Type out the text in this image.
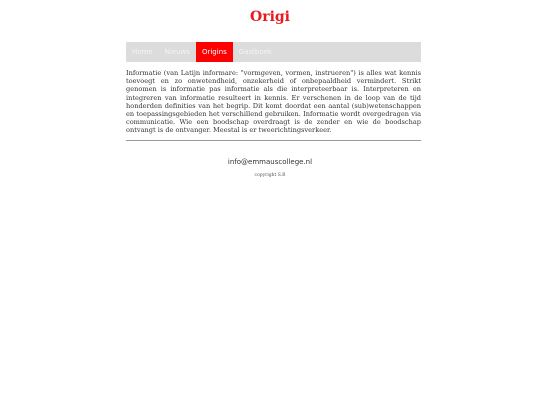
Origi
Home	Nieuws	Origins	Gastboek

Informatie (van Latijn informare: "vormgeven, vormen, instrueren") is alles wat kennis toevoegt en zo onwetendheid, onzekerheid of onbepaaldheid vermindert. Strikt genomen is informatie pas informatie als die interpreteerbaar is. Interpreteren en integreren van informatie resulteert in kennis. Er verschenen in de loop van de tijd honderden definities van het begrip. Dit komt doordat een aantal (sub)wetenschappen en toepassingsgebieden het verschillend gebruiken. Informatie wordt overgedragen via communicatie. Wie een boodschap overdraagt is de zender en wie de boodschap ontvangt is de ontvanger. Meestal is er tweerichtingsverkeer.

info@emmauscollege.nl
copyright S.B
